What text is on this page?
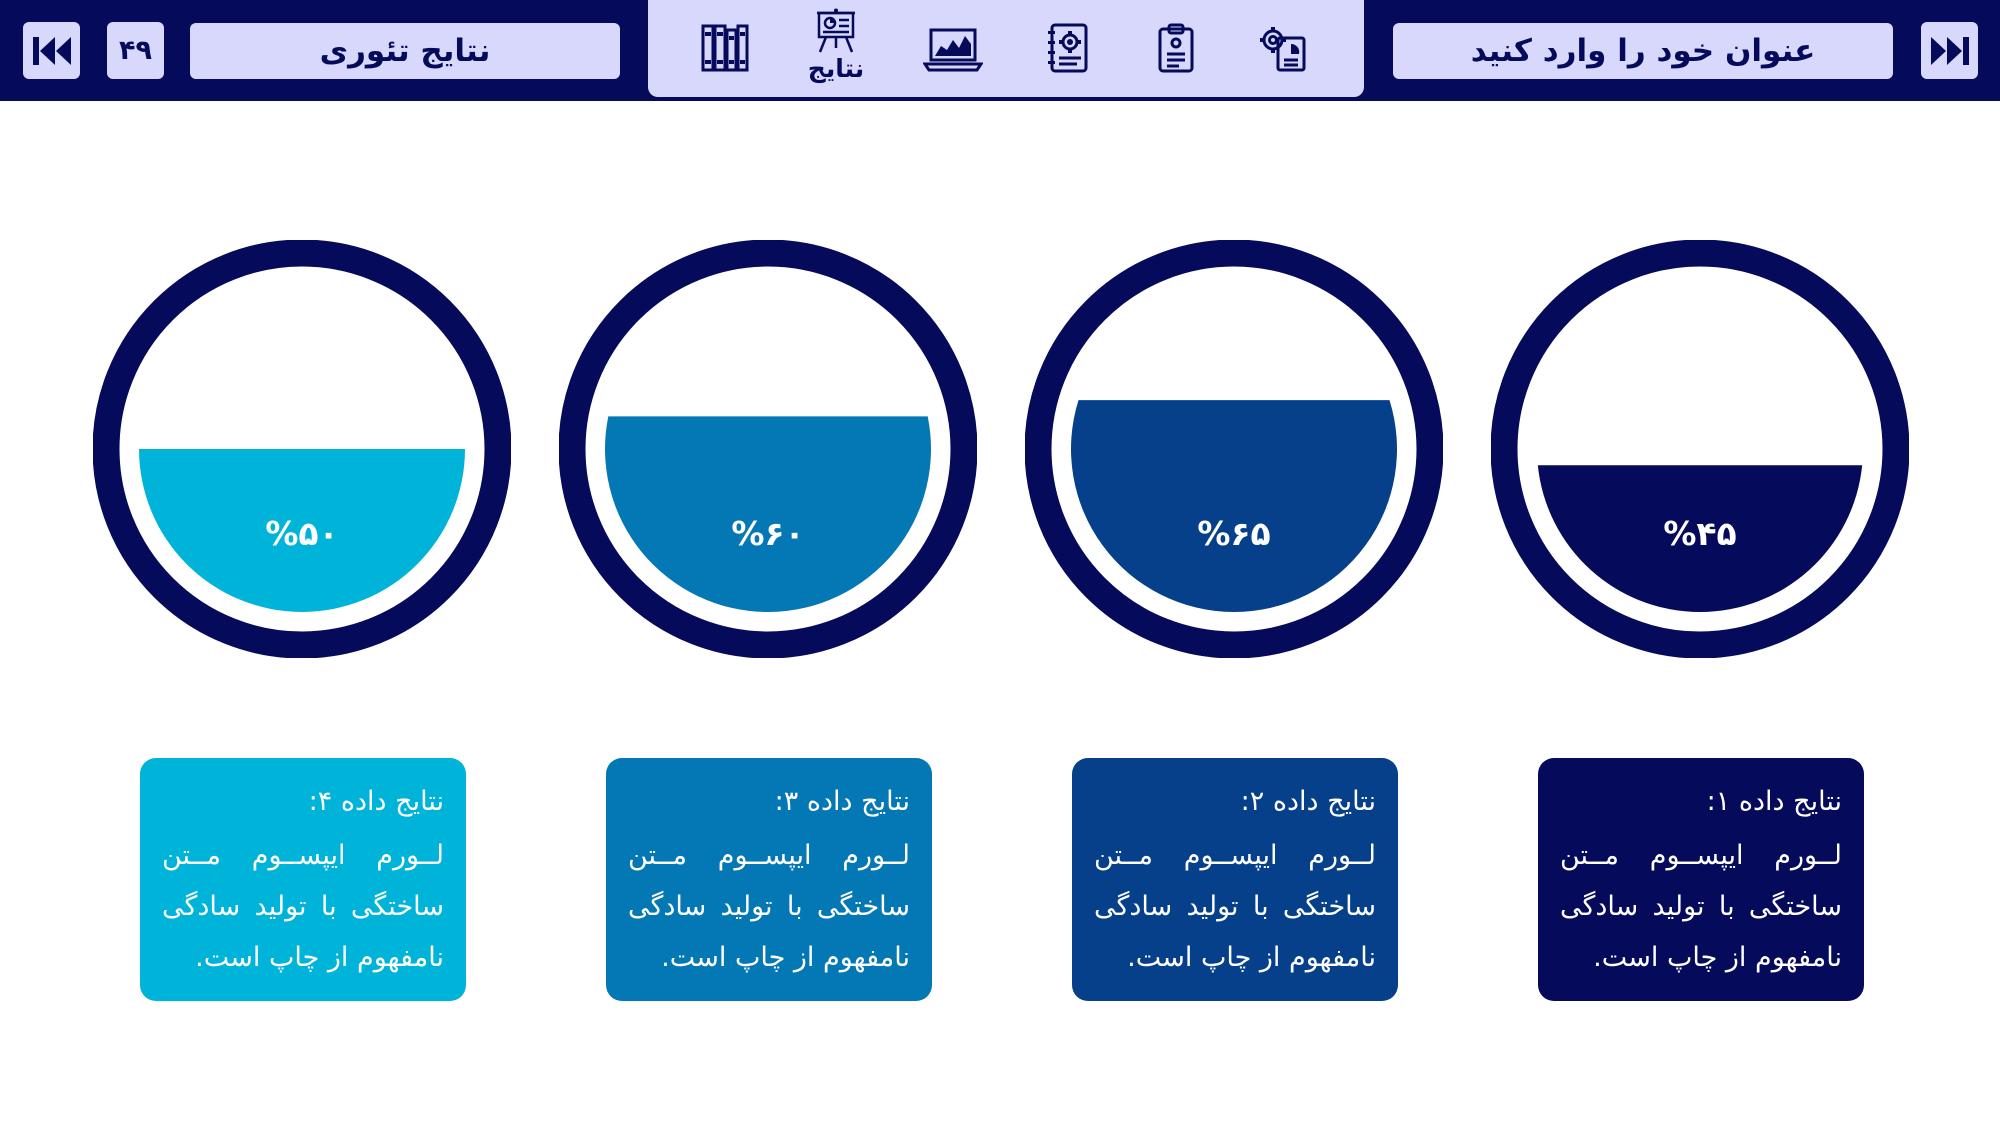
۴۹	نتایج تئوری	نتایج	عنوان خود را وارد کنید
%۵۰	%۶۰	%۶۵	%۴۵
نتایج داده ۴:
لــورم ایپســوم مــتن ساختگی با تولید سادگی نامفهوم از چاپ است.
نتایج داده ۳:
لــورم ایپســوم مــتن ساختگی با تولید سادگی نامفهوم از چاپ است.
نتایج داده ۲:
لــورم ایپســوم مــتن ساختگی با تولید سادگی نامفهوم از چاپ است.
نتایج داده ۱:
لــورم ایپســوم مــتن ساختگی با تولید سادگی نامفهوم از چاپ است.
